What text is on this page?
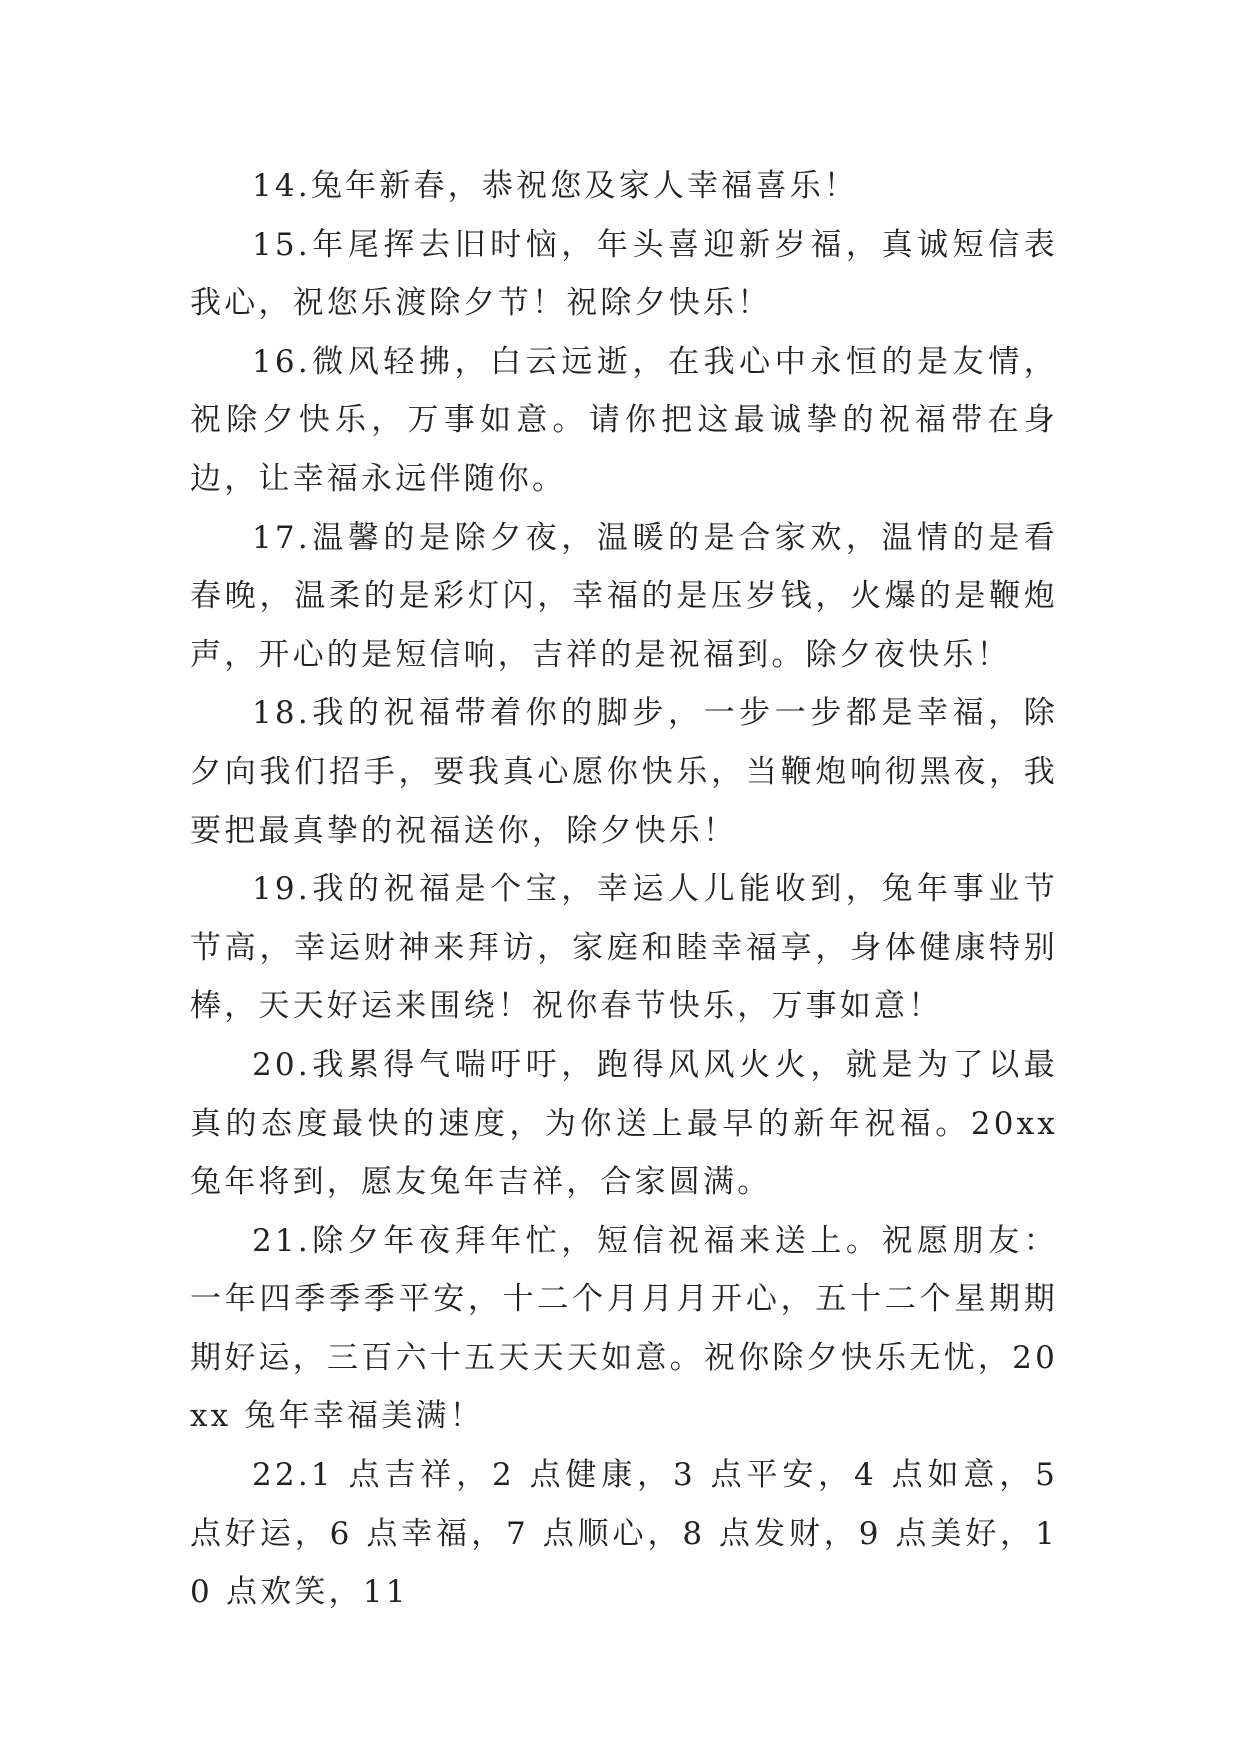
14.兔年新春，恭祝您及家人幸福喜乐！

15.年尾挥去旧时恼，年头喜迎新岁福，真诚短信表我心，祝您乐渡除夕节！祝除夕快乐！

16.微风轻拂，白云远逝，在我心中永恒的是友情，祝除夕快乐，万事如意。请你把这最诚挚的祝福带在身边，让幸福永远伴随你。

17.温馨的是除夕夜，温暖的是合家欢，温情的是看春晚，温柔的是彩灯闪，幸福的是压岁钱，火爆的是鞭炮声，开心的是短信响，吉祥的是祝福到。除夕夜快乐！

18.我的祝福带着你的脚步，一步一步都是幸福，除夕向我们招手，要我真心愿你快乐，当鞭炮响彻黑夜，我要把最真挚的祝福送你，除夕快乐！

19.我的祝福是个宝，幸运人儿能收到，兔年事业节节高，幸运财神来拜访，家庭和睦幸福享，身体健康特别棒，天天好运来围绕！祝你春节快乐，万事如意！

20.我累得气喘吁吁，跑得风风火火，就是为了以最真的态度最快的速度，为你送上最早的新年祝福。20xx 兔年将到，愿友兔年吉祥，合家圆满。

21.除夕年夜拜年忙，短信祝福来送上。祝愿朋友：一年四季季季平安，十二个月月月开心，五十二个星期期期好运，三百六十五天天天如意。祝你除夕快乐无忧，20xx 兔年幸福美满！

22.1 点吉祥，2 点健康，3 点平安，4 点如意，5 点好运，6 点幸福，7 点顺心，8 点发财，9 点美好，10 点欢笑，11
